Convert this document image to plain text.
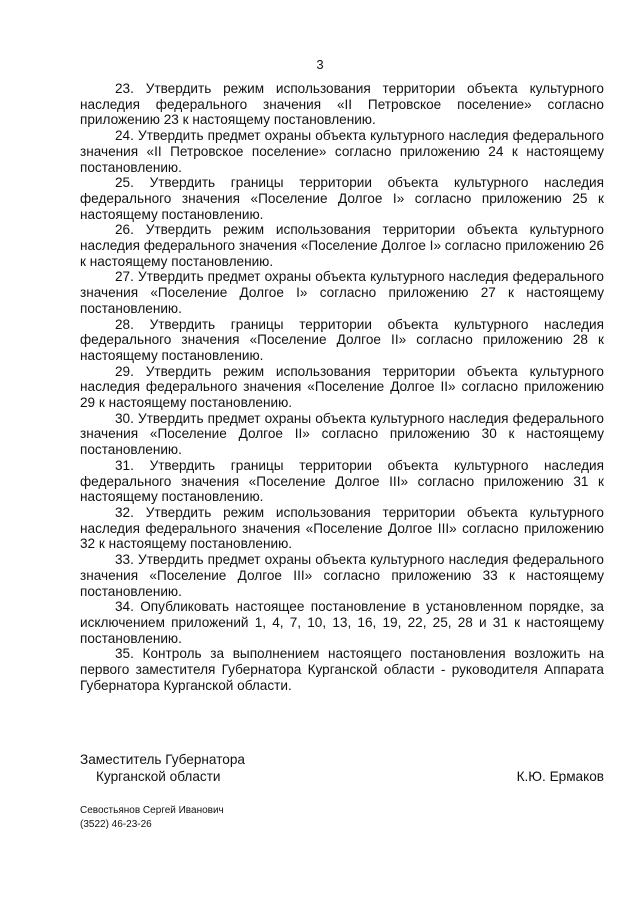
3

23. Утвердить режим использования территории объекта культурного наследия федерального значения «II Петровское поселение» согласно приложению 23 к настоящему постановлению.

24. Утвердить предмет охраны объекта культурного наследия федерального значения «II Петровское поселение» согласно приложению 24 к настоящему постановлению.

25. Утвердить границы территории объекта культурного наследия федерального значения «Поселение Долгое I» согласно приложению 25 к настоящему постановлению.

26. Утвердить режим использования территории объекта культурного наследия федерального значения «Поселение Долгое I» согласно приложению 26 к настоящему постановлению.

27. Утвердить предмет охраны объекта культурного наследия федерального значения «Поселение Долгое I» согласно приложению 27 к настоящему постановлению.

28. Утвердить границы территории объекта культурного наследия федерального значения «Поселение Долгое II» согласно приложению 28 к настоящему постановлению.

29. Утвердить режим использования территории объекта культурного наследия федерального значения «Поселение Долгое II» согласно приложению 29 к настоящему постановлению.

30. Утвердить предмет охраны объекта культурного наследия федерального значения «Поселение Долгое II» согласно приложению 30 к настоящему постановлению.

31. Утвердить границы территории объекта культурного наследия федерального значения «Поселение Долгое III» согласно приложению 31 к настоящему постановлению.

32. Утвердить режим использования территории объекта культурного наследия федерального значения «Поселение Долгое III» согласно приложению 32 к настоящему постановлению.

33. Утвердить предмет охраны объекта культурного наследия федерального значения «Поселение Долгое III» согласно приложению 33 к настоящему постановлению.

34. Опубликовать настоящее постановление в установленном порядке, за исключением приложений 1, 4, 7, 10, 13, 16, 19, 22, 25, 28 и 31 к настоящему постановлению.

35. Контроль за выполнением настоящего постановления возложить на первого заместителя Губернатора Курганской области - руководителя Аппарата Губернатора Курганской области.

Заместитель Губернатора
Курганской области	К.Ю. Ермаков
Севостьянов Сергей Иванович
(3522) 46-23-26
